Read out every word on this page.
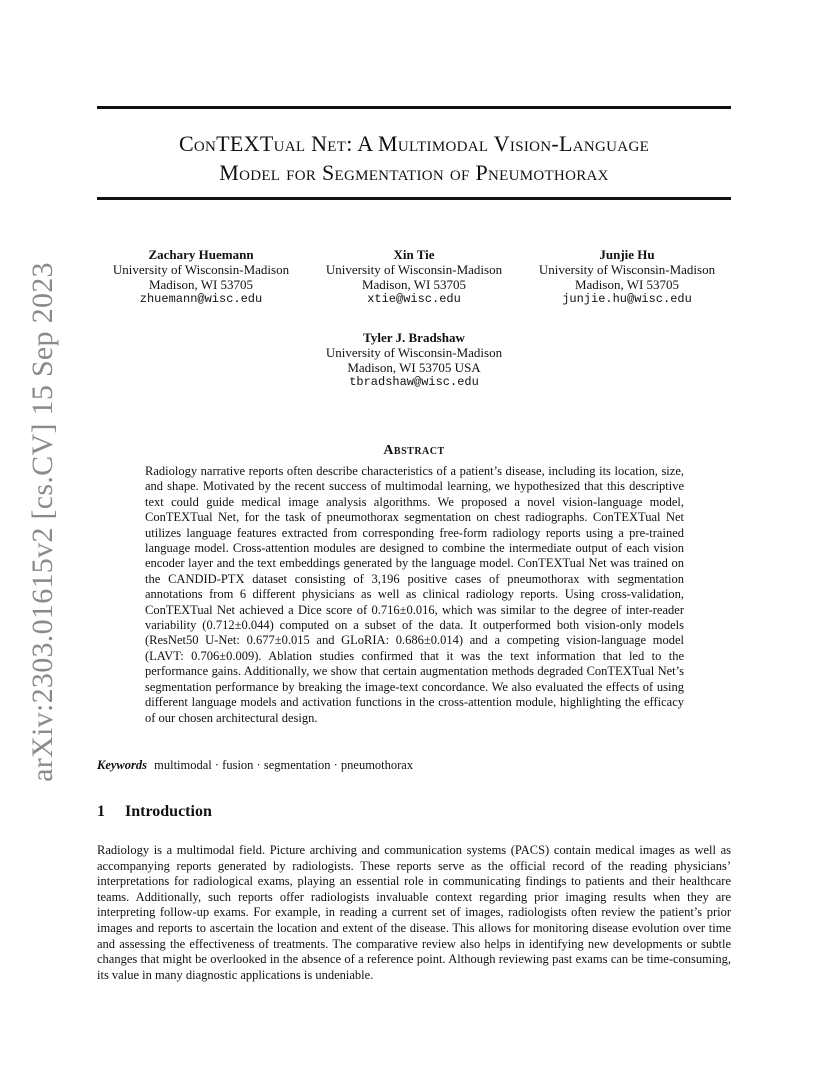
arXiv:2303.01615v2 [cs.CV] 15 Sep 2023
ConTEXTual Net: A Multimodal Vision-Language
Model for Segmentation of Pneumothorax
Zachary Huemann
University of Wisconsin-Madison
Madison, WI 53705
zhuemann@wisc.edu
Xin Tie
University of Wisconsin-Madison
Madison, WI 53705
xtie@wisc.edu
Junjie Hu
University of Wisconsin-Madison
Madison, WI 53705
junjie.hu@wisc.edu
Tyler J. Bradshaw
University of Wisconsin-Madison
Madison, WI 53705 USA
tbradshaw@wisc.edu
Abstract

Radiology narrative reports often describe characteristics of a patient’s disease, including its location, size, and shape. Motivated by the recent success of multimodal learning, we hypothesized that this descriptive text could guide medical image analysis algorithms. We proposed a novel vision-language model, ConTEXTual Net, for the task of pneumothorax segmentation on chest radiographs. ConTEXTual Net utilizes language features extracted from corresponding free-form radiology reports using a pre-trained language model. Cross-attention modules are designed to combine the intermediate output of each vision encoder layer and the text embeddings generated by the language model. ConTEXTual Net was trained on the CANDID-PTX dataset consisting of 3,196 positive cases of pneumothorax with segmentation annotations from 6 different physicians as well as clinical radiology reports. Using cross-validation, ConTEXTual Net achieved a Dice score of 0.716±0.016, which was similar to the degree of inter-reader variability (0.712±0.044) computed on a subset of the data. It outperformed both vision-only models (ResNet50 U-Net: 0.677±0.015 and GLoRIA: 0.686±0.014) and a competing vision-language model (LAVT: 0.706±0.009). Ablation studies confirmed that it was the text information that led to the performance gains. Additionally, we show that certain augmentation methods degraded ConTEXTual Net’s segmentation performance by breaking the image-text concordance. We also evaluated the effects of using different language models and activation functions in the cross-attention module, highlighting the efficacy of our chosen architectural design.

Keywords multimodal · fusion · segmentation · pneumothorax
1 Introduction

Radiology is a multimodal field. Picture archiving and communication systems (PACS) contain medical images as well as accompanying reports generated by radiologists. These reports serve as the official record of the reading physicians’ interpretations for radiological exams, playing an essential role in communicating findings to patients and their healthcare teams. Additionally, such reports offer radiologists invaluable context regarding prior imaging results when they are interpreting follow-up exams. For example, in reading a current set of images, radiologists often review the patient’s prior images and reports to ascertain the location and extent of the disease. This allows for monitoring disease evolution over time and assessing the effectiveness of treatments. The comparative review also helps in identifying new developments or subtle changes that might be overlooked in the absence of a reference point. Although reviewing past exams can be time-consuming, its value in many diagnostic applications is undeniable.
